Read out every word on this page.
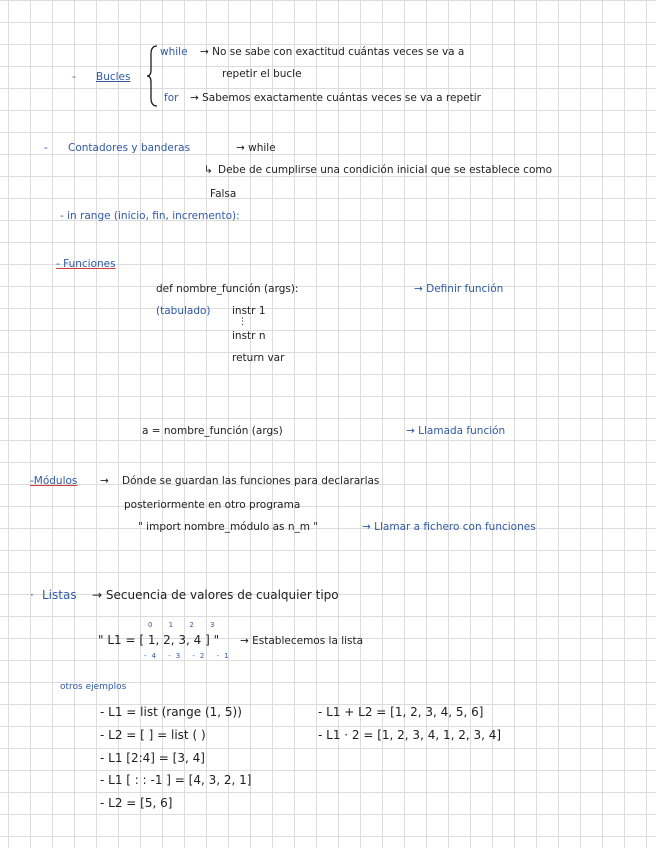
- Bucles
while → No se sabe con exactitud cuántas veces se va a
repetir el bucle
for → Sabemos exactamente cuántas veces se va a repetir
- Contadores y banderas	→ while
↳ Debe de cumplirse una condición inicial que se establece como
Falsa
- in range (inicio, fin, incremento):
- Funciones
def nombre_función (args):	→ Definir función
(tabulado) instr 1
⋮
instr n
return var
a = nombre_función (args)	→ Llamada función
-Módulos → Dónde se guardan las funciones para declararlas
posteriormente en otro programa
" import nombre_módulo as n_m "	→ Llamar a fichero con funciones
· Listas → Secuencia de valores de cualquier tipo
0 1 2 3
" L1 = [ 1, 2, 3, 4 ] "
-4 -3 -2 -1
→ Establecemos la lista
otros ejemplos
- L1 = list (range (1, 5))
- L2 = [ ] = list ( )
- L1 [2:4] = [3, 4]
- L1 [ : : -1 ] = [4, 3, 2, 1]
- L2 = [5, 6]
- L1 + L2 = [1, 2, 3, 4, 5, 6]
- L1 · 2 = [1, 2, 3, 4, 1, 2, 3, 4]
